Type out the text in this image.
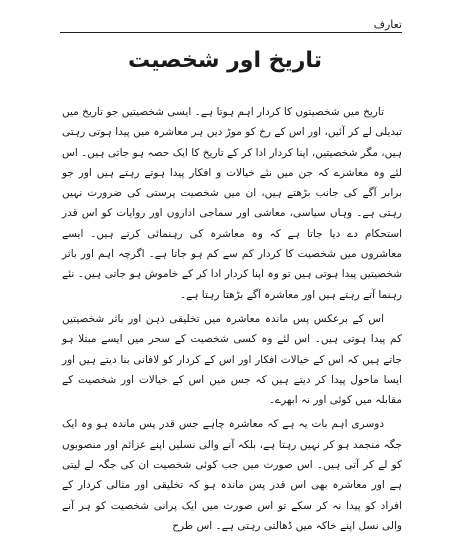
تعارف
تاریخ اور شخصیت

تاریخ میں شخصیتوں کا کردار اہم ہوتا ہے۔ ایسی شخصیتیں جو تاریخ میں تبدیلی لے کر آئیں، اور اس کے رخ کو موڑ دیں ہر معاشرہ میں پیدا ہوتی رہتی ہیں، مگر شخصیتیں، اپنا کردار ادا کر کے تاریخ کا ایک حصہ ہو جاتی ہیں۔ اس لئے وہ معاشرے کہ جن میں نئے خیالات و افکار پیدا ہوتے رہتے ہیں اور جو برابر آگے کی جانب بڑھتے ہیں، ان میں شخصیت پرستی کی ضرورت نہیں رہتی ہے۔ وہاں سیاسی، معاشی اور سماجی اداروں اور روایات کو اس قدر استحکام دے دیا جاتا ہے کہ وہ معاشرہ کی رہنمائی کرتے ہیں۔ ایسے معاشروں میں شخصیت کا کردار کم سے کم ہو جاتا ہے۔ اگرچہ اہم اور باثر شخصیتیں پیدا ہوتی ہیں تو وہ اپنا کردار ادا کر کے خاموش ہو جاتی ہیں۔ نئے رہنما آتے رہتے ہیں اور معاشرہ آگے بڑھتا رہتا ہے۔

اس کے برعکس پس ماندہ معاشرہ میں تخلیقی ذہن اور باثر شخصیتیں کم پیدا ہوتی ہیں۔ اس لئے وہ کسی شخصیت کے سحر میں ایسے مبتلا ہو جاتے ہیں کہ اس کے خیالات افکار اور اس کے کردار کو لافانی بنا دیتے ہیں اور ایسا ماحول پیدا کر دیتے ہیں کہ جس میں اس کے خیالات اور شخصیت کے مقابلہ میں کوئی اور نہ ابھرے۔

دوسری اہم بات یہ ہے کہ معاشرہ چاہے جس قدر پس ماندہ ہو وہ ایک جگہ منجمد ہو کر نہیں رہتا ہے، بلکہ آنے والی نسلیں اپنے عزائم اور منصوبوں کو لے کر آتی ہیں۔ اس صورت میں جب کوئی شخصیت ان کی جگہ لے لیتی ہے اور معاشرہ بھی اس قدر پس ماندہ ہو کہ تخلیقی اور مثالی کردار کے افراد کو پیدا نہ کر سکے تو اس صورت میں ایک پرانی شخصیت کو ہر آنے والی نسل اپنے خاکہ میں ڈھالتی رہتی ہے۔ اس طرح
